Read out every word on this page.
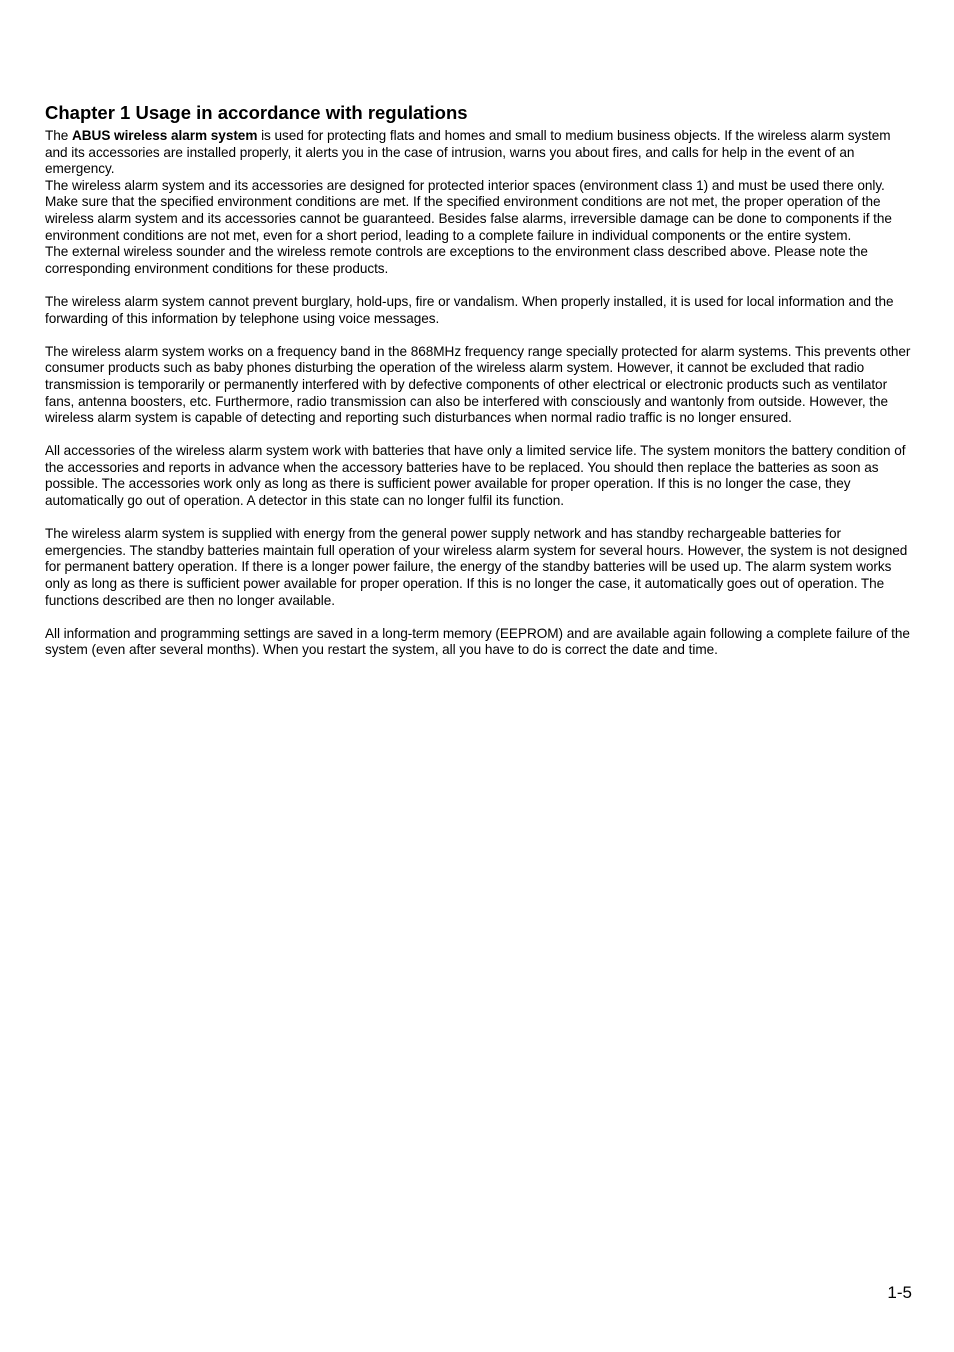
Chapter 1 Usage in accordance with regulations

The ABUS wireless alarm system is used for protecting flats and homes and small to medium business objects. If the wireless alarm system and its accessories are installed properly, it alerts you in the case of intrusion, warns you about fires, and calls for help in the event of an emergency.

The wireless alarm system and its accessories are designed for protected interior spaces (environment class 1) and must be used there only. Make sure that the specified environment conditions are met. If the specified environment conditions are not met, the proper operation of the wireless alarm system and its accessories cannot be guaranteed. Besides false alarms, irreversible damage can be done to components if the environment conditions are not met, even for a short period, leading to a complete failure in individual components or the entire system.

The external wireless sounder and the wireless remote controls are exceptions to the environment class described above. Please note the corresponding environment conditions for these products.

The wireless alarm system cannot prevent burglary, hold-ups, fire or vandalism. When properly installed, it is used for local information and the forwarding of this information by telephone using voice messages.

The wireless alarm system works on a frequency band in the 868MHz frequency range specially protected for alarm systems. This prevents other consumer products such as baby phones disturbing the operation of the wireless alarm system. However, it cannot be excluded that radio transmission is temporarily or permanently interfered with by defective components of other electrical or electronic products such as ventilator fans, antenna boosters, etc. Furthermore, radio transmission can also be interfered with consciously and wantonly from outside. However, the wireless alarm system is capable of detecting and reporting such disturbances when normal radio traffic is no longer ensured.

All accessories of the wireless alarm system work with batteries that have only a limited service life. The system monitors the battery condition of the accessories and reports in advance when the accessory batteries have to be replaced. You should then replace the batteries as soon as possible. The accessories work only as long as there is sufficient power available for proper operation. If this is no longer the case, they automatically go out of operation. A detector in this state can no longer fulfil its function.

The wireless alarm system is supplied with energy from the general power supply network and has standby rechargeable batteries for emergencies. The standby batteries maintain full operation of your wireless alarm system for several hours. However, the system is not designed for permanent battery operation. If there is a longer power failure, the energy of the standby batteries will be used up. The alarm system works only as long as there is sufficient power available for proper operation. If this is no longer the case, it automatically goes out of operation. The functions described are then no longer available.

All information and programming settings are saved in a long-term memory (EEPROM) and are available again following a complete failure of the system (even after several months). When you restart the system, all you have to do is correct the date and time.

1-5
